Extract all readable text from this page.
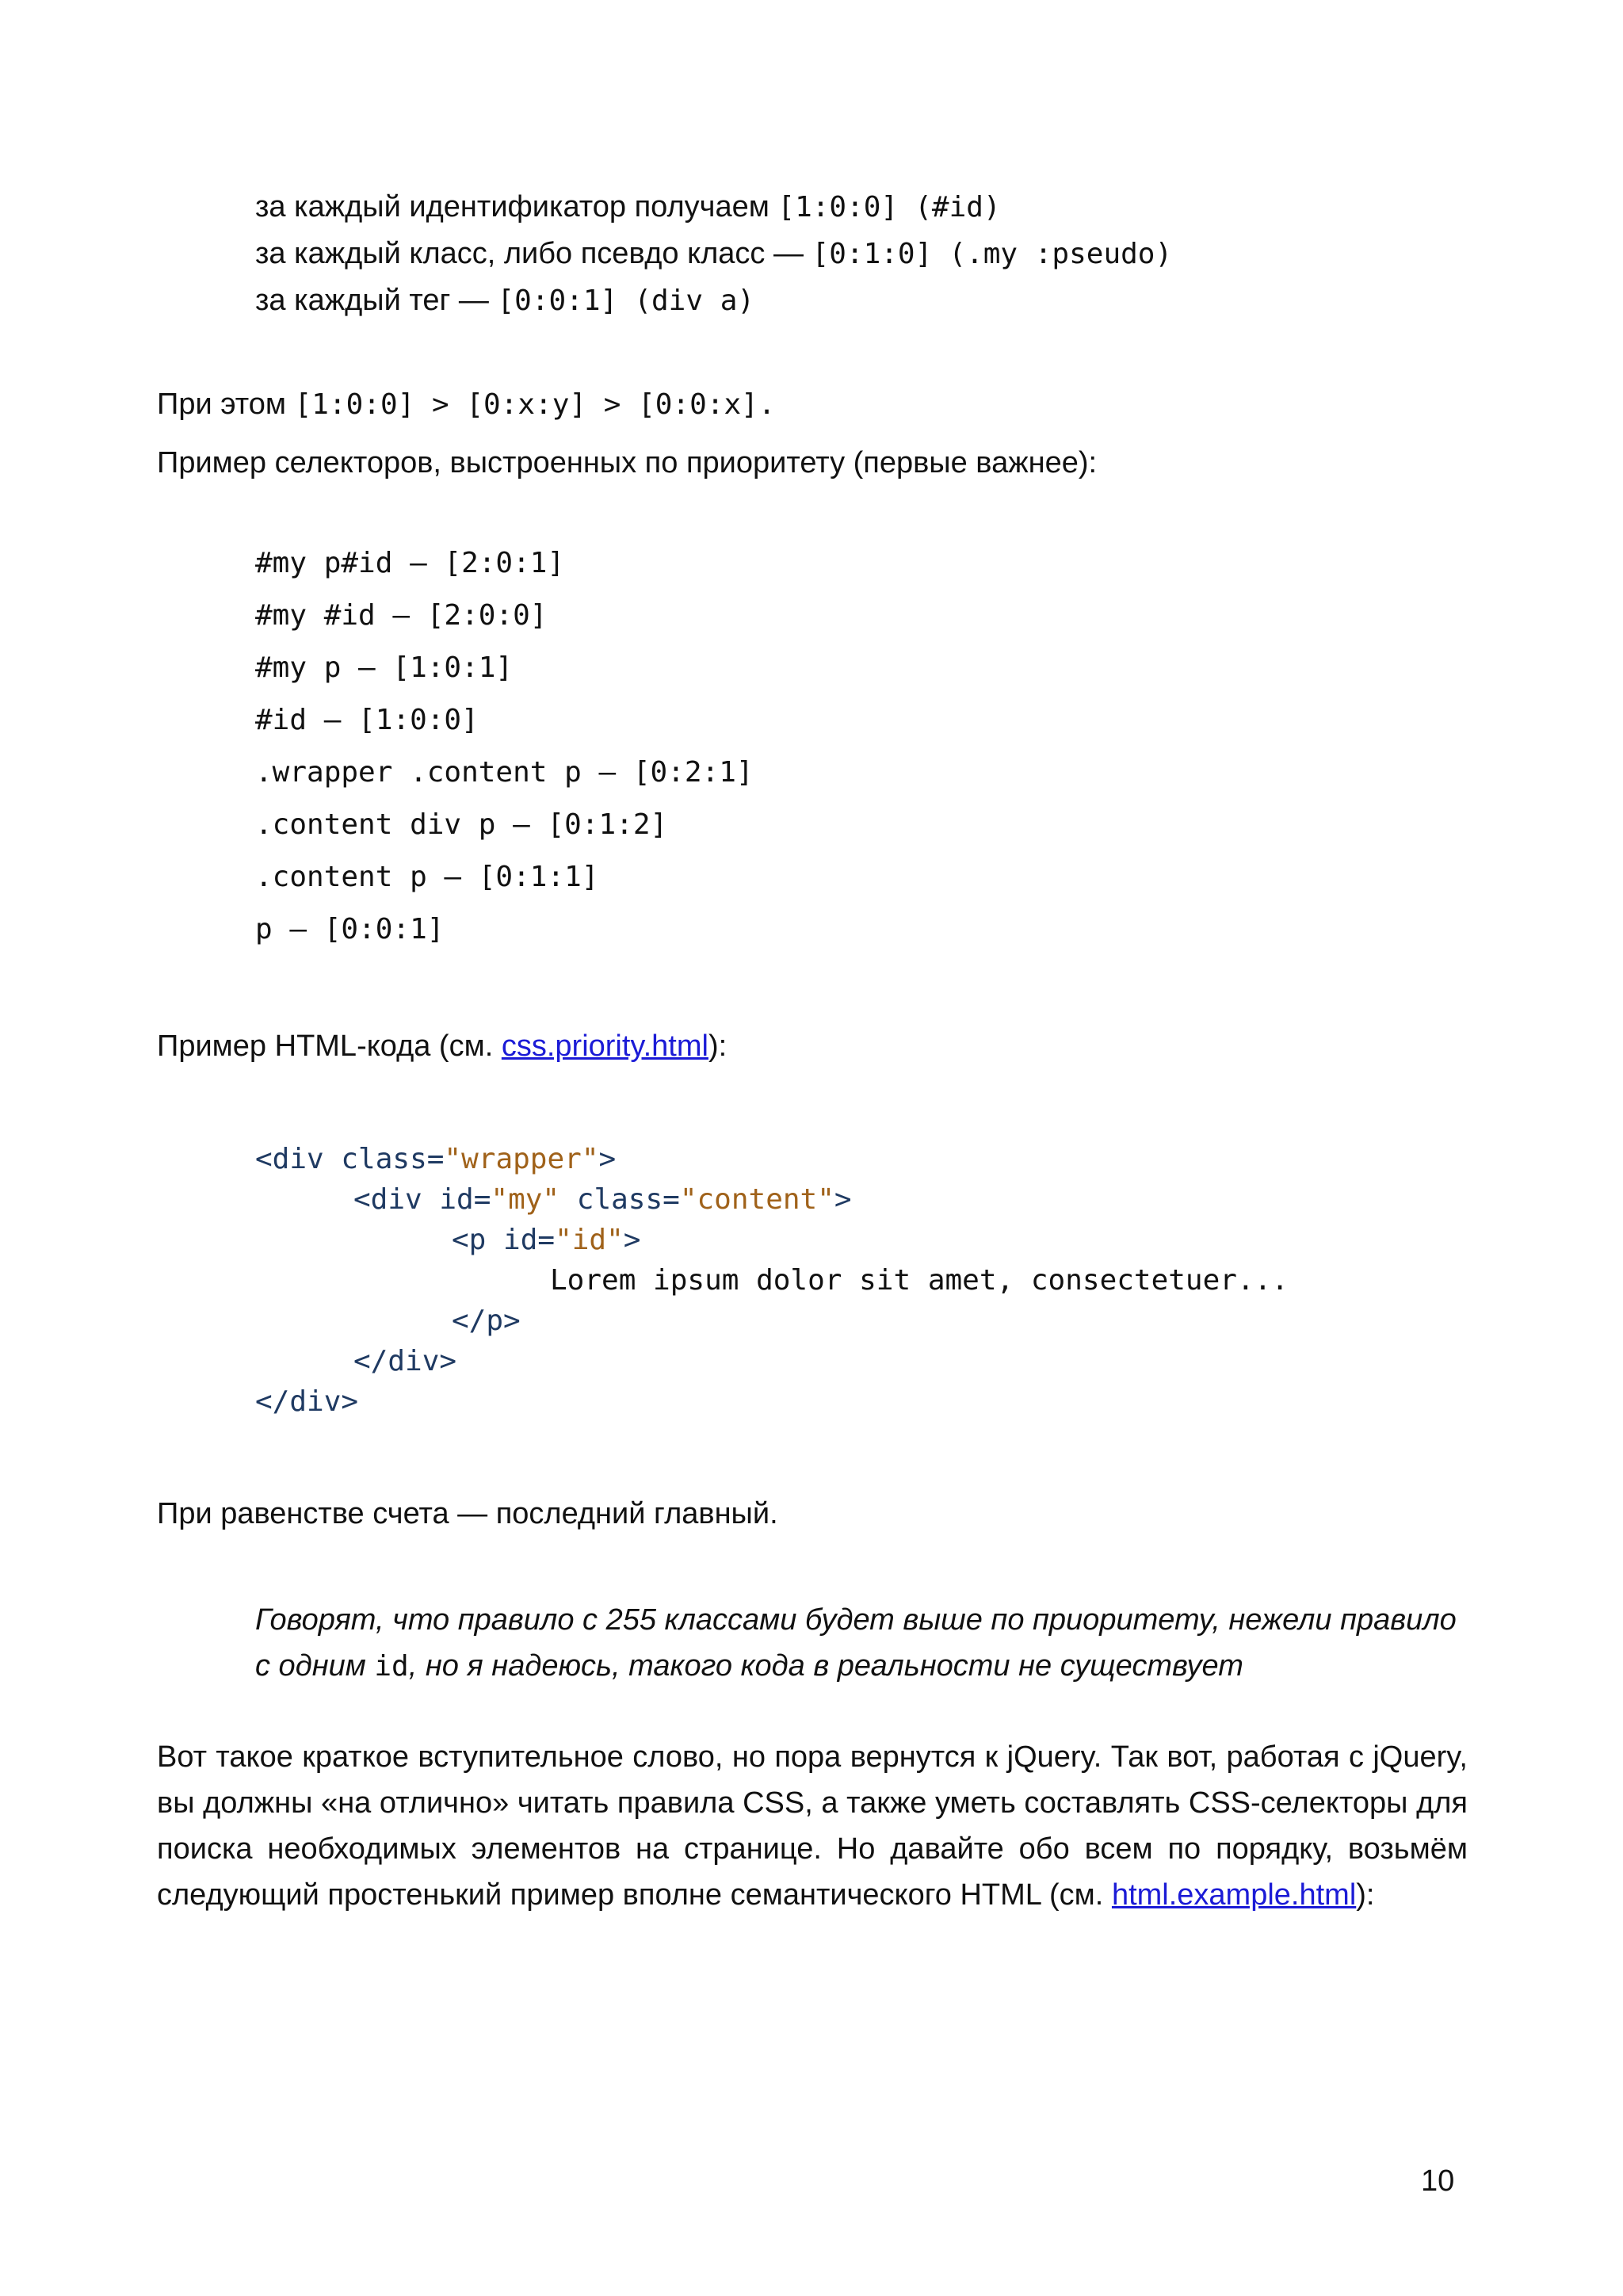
за каждый идентификатор получаем [1:0:0] (#id)
за каждый класс, либо псевдо класс — [0:1:0] (.my :pseudo)
за каждый тег — [0:0:1] (div a)
При этом [1:0:0] > [0:x:y] > [0:0:x].
Пример селекторов, выстроенных по приоритету (первые важнее):
#my p#id – [2:0:1]
#my #id – [2:0:0]
#my p – [1:0:1]
#id – [1:0:0]
.wrapper .content p – [0:2:1]
.content div p – [0:1:2]
.content p – [0:1:1]
p – [0:0:1]
Пример HTML-кода (см. css.priority.html):
<div class="wrapper">
<div id="my" class="content">
<p id="id">
Lorem ipsum dolor sit amet, consectetuer...
</p>
</div>
</div>
При равенстве счета — последний главный.
Говорят, что правило с 255 классами будет выше по приоритету, нежели правило
с одним id, но я надеюсь, такого кода в реальности не существует
Вот такое краткое вступительное слово, но пора вернутся к jQuery. Так вот, работая с jQuery,
вы должны «на отлично» читать правила CSS, а также уметь составлять CSS-селекторы для
поиска необходимых элементов на странице. Но давайте обо всем по порядку, возьмём
следующий простенький пример вполне семантического HTML (см. html.example.html):
10
